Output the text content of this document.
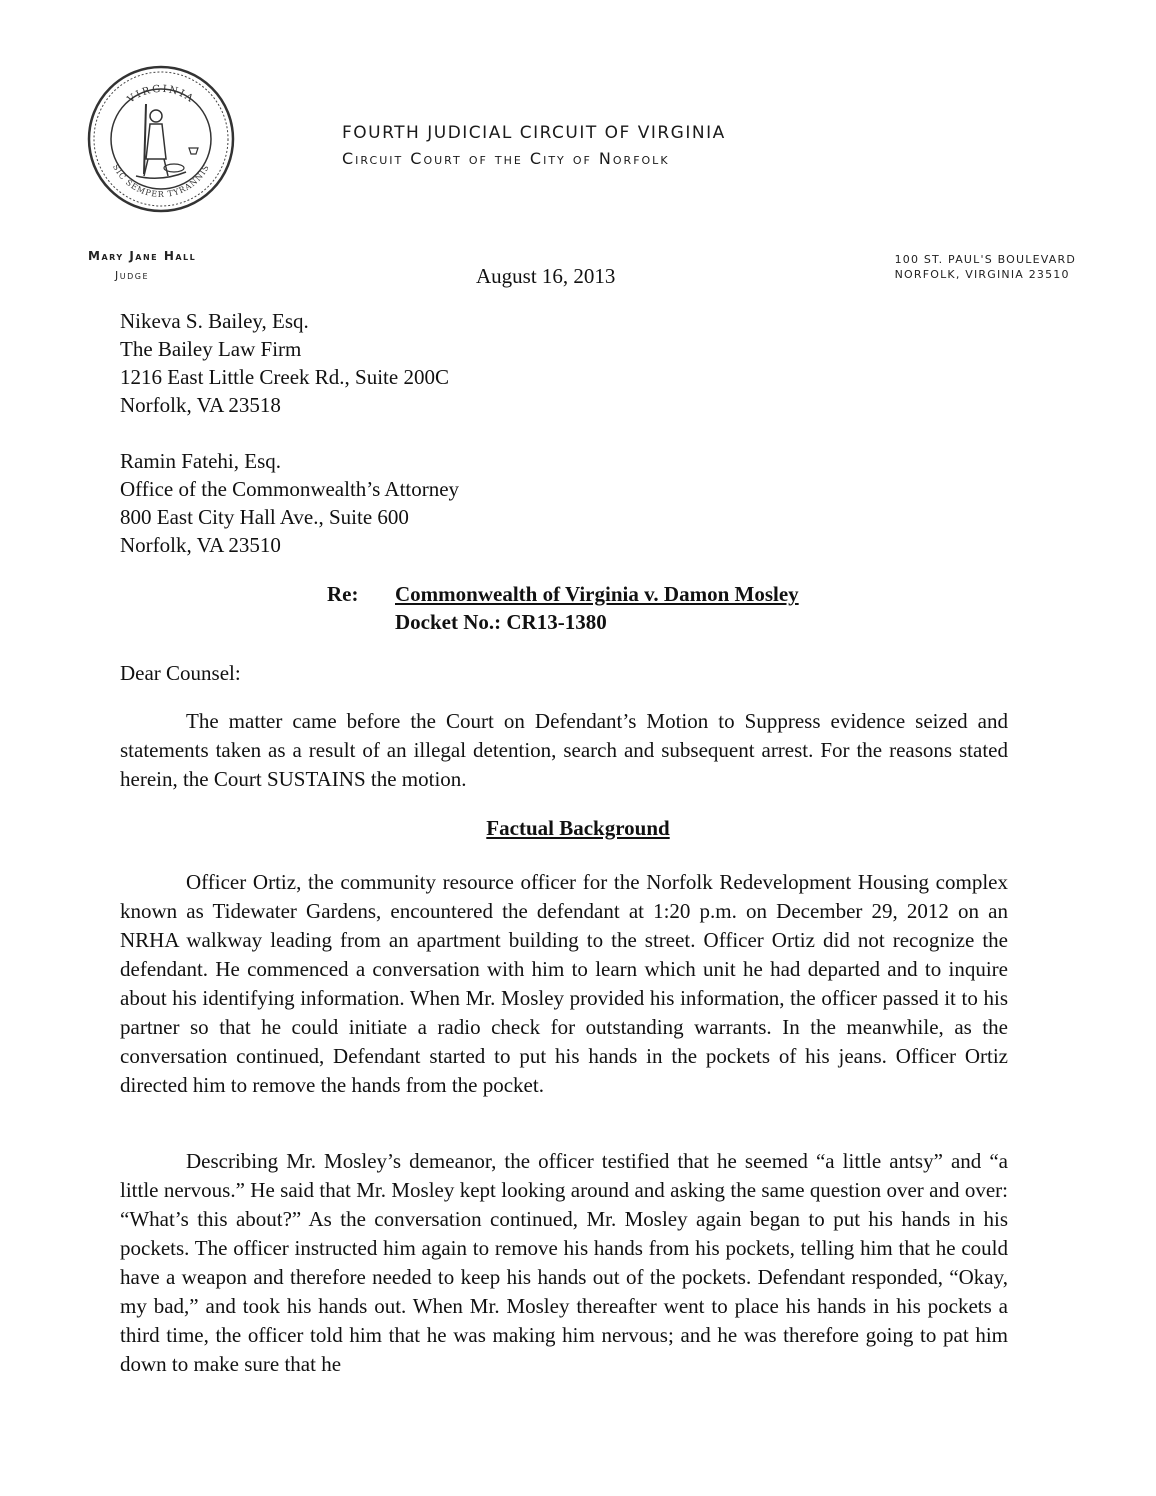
VIRGINIA
SIC SEMPER TYRANNIS
FOURTH JUDICIAL CIRCUIT OF VIRGINIA
Circuit Court of the City of Norfolk
Mary Jane Hall
Judge
100 ST. PAUL'S BOULEVARD
NORFOLK, VIRGINIA 23510
August 16, 2013
Nikeva S. Bailey, Esq.
The Bailey Law Firm
1216 East Little Creek Rd., Suite 200C
Norfolk, VA 23518
Ramin Fatehi, Esq.
Office of the Commonwealth’s Attorney
800 East City Hall Ave., Suite 600
Norfolk, VA 23510
Re: Commonwealth of Virginia v. Damon Mosley
Docket No.: CR13-1380
Dear Counsel:
The matter came before the Court on Defendant’s Motion to Suppress evidence seized and statements taken as a result of an illegal detention, search and subsequent arrest. For the reasons stated herein, the Court SUSTAINS the motion.
Factual Background
Officer Ortiz, the community resource officer for the Norfolk Redevelopment Housing complex known as Tidewater Gardens, encountered the defendant at 1:20 p.m. on December 29, 2012 on an NRHA walkway leading from an apartment building to the street. Officer Ortiz did not recognize the defendant. He commenced a conversation with him to learn which unit he had departed and to inquire about his identifying information. When Mr. Mosley provided his information, the officer passed it to his partner so that he could initiate a radio check for outstanding warrants. In the meanwhile, as the conversation continued, Defendant started to put his hands in the pockets of his jeans. Officer Ortiz directed him to remove the hands from the pocket.
Describing Mr. Mosley’s demeanor, the officer testified that he seemed “a little antsy” and “a little nervous.” He said that Mr. Mosley kept looking around and asking the same question over and over: “What’s this about?” As the conversation continued, Mr. Mosley again began to put his hands in his pockets. The officer instructed him again to remove his hands from his pockets, telling him that he could have a weapon and therefore needed to keep his hands out of the pockets. Defendant responded, “Okay, my bad,” and took his hands out. When Mr. Mosley thereafter went to place his hands in his pockets a third time, the officer told him that he was making him nervous; and he was therefore going to pat him down to make sure that he
